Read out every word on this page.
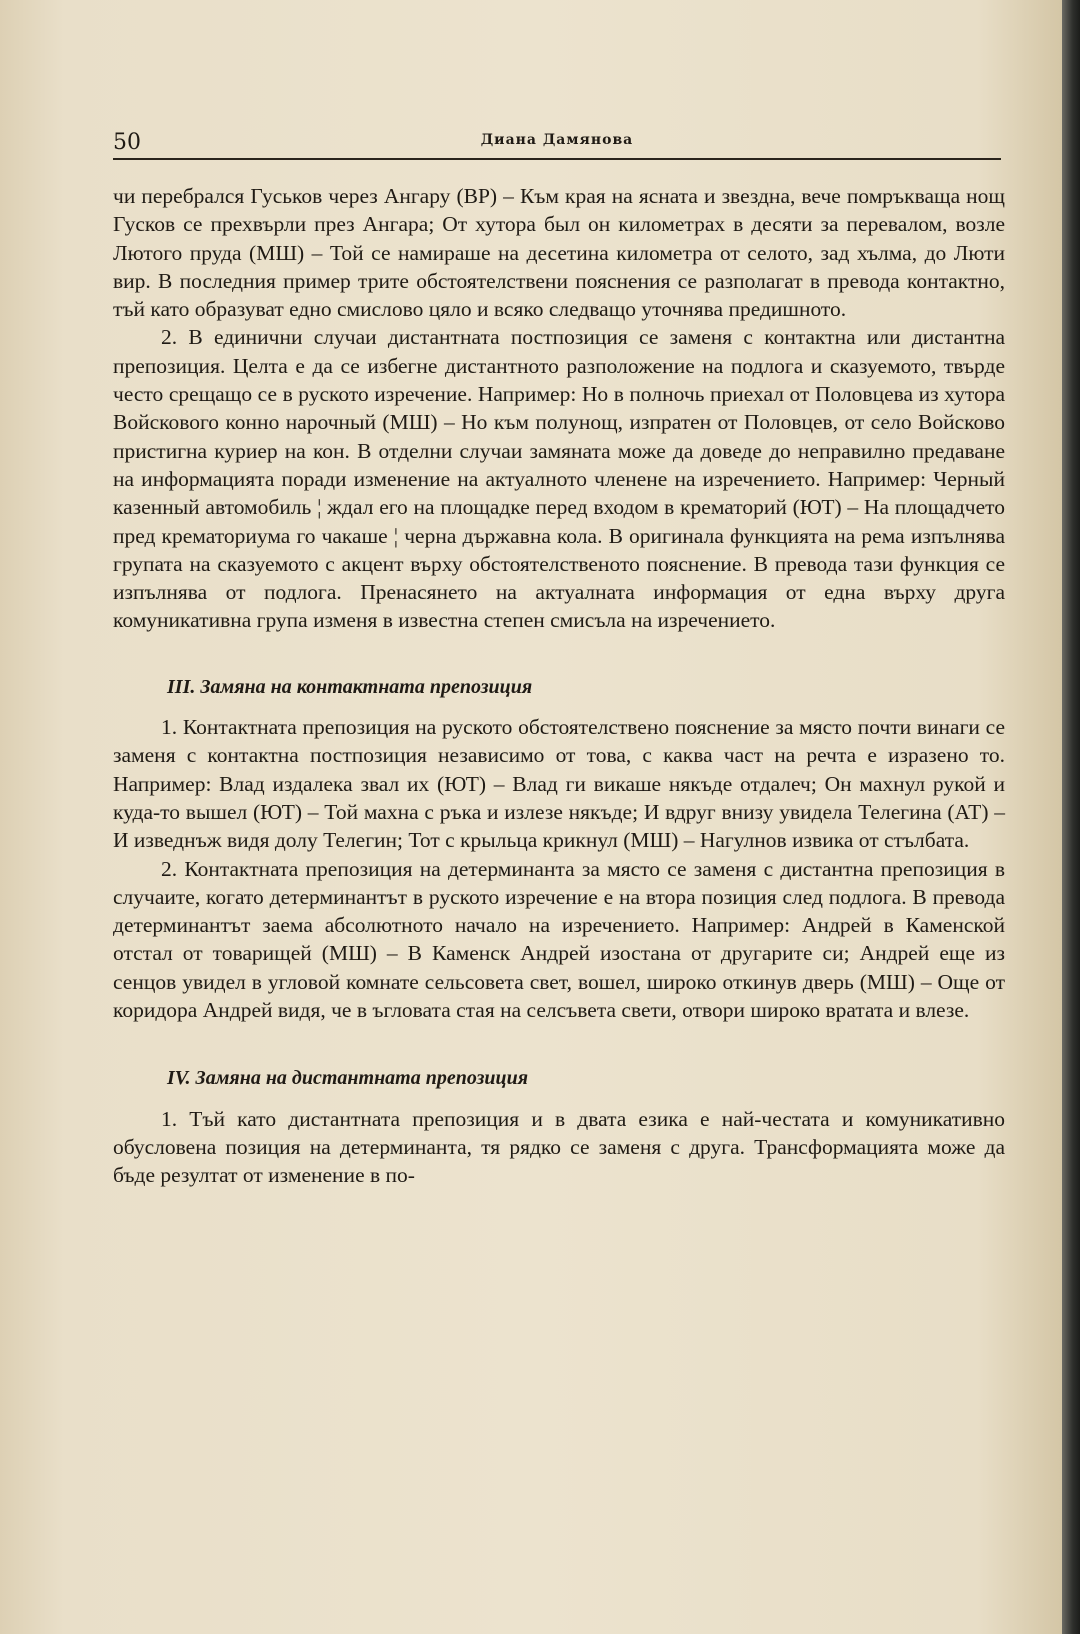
50	Диана Дамянова

чи перебрался Гуськов через Ангару (ВР) – Към края на ясната и звездна, вече помръкваща нощ Гусков се прехвърли през Ангара; От хутора был он километрах в десяти за перевалом, возле Лютого пруда (МШ) – Той се намираше на десетина километра от селото, зад хълма, до Люти вир. В последния пример трите обстоятелствени пояснения се разполагат в превода контактно, тъй като образуват едно смислово цяло и всяко следващо уточнява предишното.

2. В единични случаи дистантната постпозиция се заменя с контактна или дистантна препозиция. Целта е да се избегне дистантното разположение на подлога и сказуемото, твърде често срещащо се в руското изречение. Например: Но в полночь приехал от Половцева из хутора Войскового конно нарочный (МШ) – Но към полунощ, изпратен от Половцев, от село Войсково пристигна куриер на кон. В отделни случаи замяната може да доведе до неправилно предаване на информацията поради изменение на актуалното членене на изречението. Например: Черный казенный автомобиль ¦ ждал его на площадке перед входом в крематорий (ЮТ) – На площадчето пред крематориума го чакаше ¦ черна държавна кола. В оригинала функцията на рема изпълнява групата на сказуемото с акцент върху обстоятелственото пояснение. В превода тази функция се изпълнява от подлога. Пренасянето на актуалната информация от една върху друга комуникативна група изменя в известна степен смисъла на изречението.

III. Замяна на контактната препозиция

1. Контактната препозиция на руското обстоятелствено пояснение за място почти винаги се заменя с контактна постпозиция независимо от това, с каква част на речта е изразено то. Например: Влад издалека звал их (ЮТ) – Влад ги викаше някъде отдалеч; Он махнул рукой и куда-то вышел (ЮТ) – Той махна с ръка и излезе някъде; И вдруг внизу увидела Телегина (АТ) – И изведнъж видя долу Телегин; Тот с крыльца крикнул (МШ) – Нагулнов извика от стълбата.

2. Контактната препозиция на детерминанта за място се заменя с дистантна препозиция в случаите, когато детерминантът в руското изречение е на втора позиция след подлога. В превода детерминантът заема абсолютното начало на изречението. Например: Андрей в Каменской отстал от товарищей (МШ) – В Каменск Андрей изостана от другарите си; Андрей еще из сенцов увидел в угловой комнате сельсовета свет, вошел, широко откинув дверь (МШ) – Още от коридора Андрей видя, че в ъгловата стая на селсъвета свети, отвори широко вратата и влезе.

IV. Замяна на дистантната препозиция

1. Тъй като дистантната препозиция и в двата езика е най-честата и комуникативно обусловена позиция на детерминанта, тя рядко се заменя с друга. Трансформацията може да бъде резултат от изменение в по-
